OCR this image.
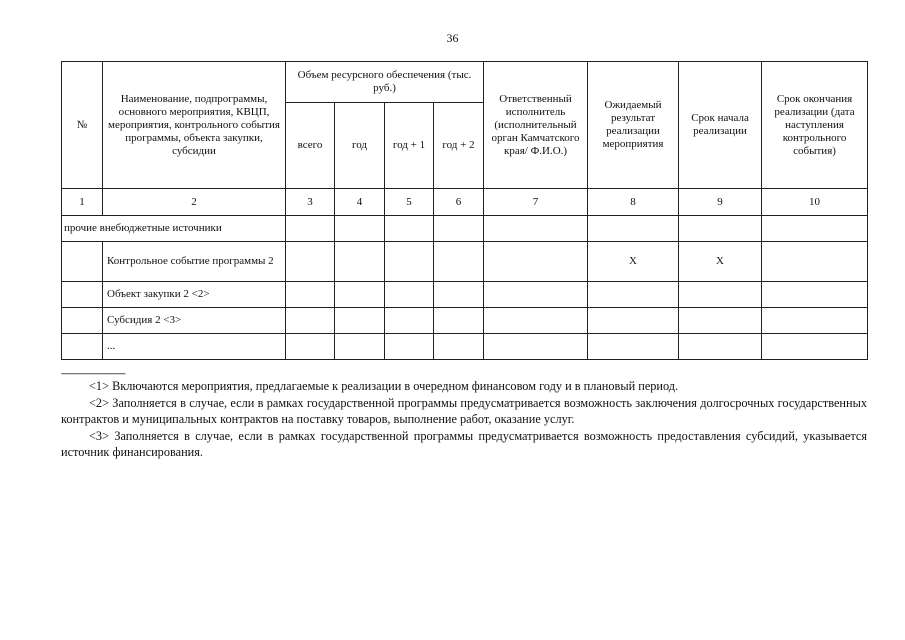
36
№	Наименование, подпрограммы, основного мероприятия, КВЦП, мероприятия, контрольного события программы, объекта закупки, субсидии	Объем ресурсного обеспечения (тыс. руб.)				Ответственный исполнитель (исполнительный орган Камчатского края/ Ф.И.О.)	Ожидаемый результат реализации мероприятия	Срок начала реализации	Срок окончания реализации (дата наступления контрольного события)
		всего	год	год + 1	год + 2				
1	2	3	4	5	6	7	8	9	10
прочие внебюджетные источники									
	Контрольное событие программы 2						Х	Х	
	Объект закупки 2 <2>								
	Субсидия 2 <3>								
	...								
--------------------------------

<1> Включаются мероприятия, предлагаемые к реализации в очередном финансовом году и в плановый период.

<2> Заполняется в случае, если в рамках государственной программы предусматривается возможность заключения долгосрочных государственных контрактов и муниципальных контрактов на поставку товаров, выполнение работ, оказание услуг.

<3> Заполняется в случае, если в рамках государственной программы предусматривается возможность предоставления субсидий, указывается источник финансирования.
